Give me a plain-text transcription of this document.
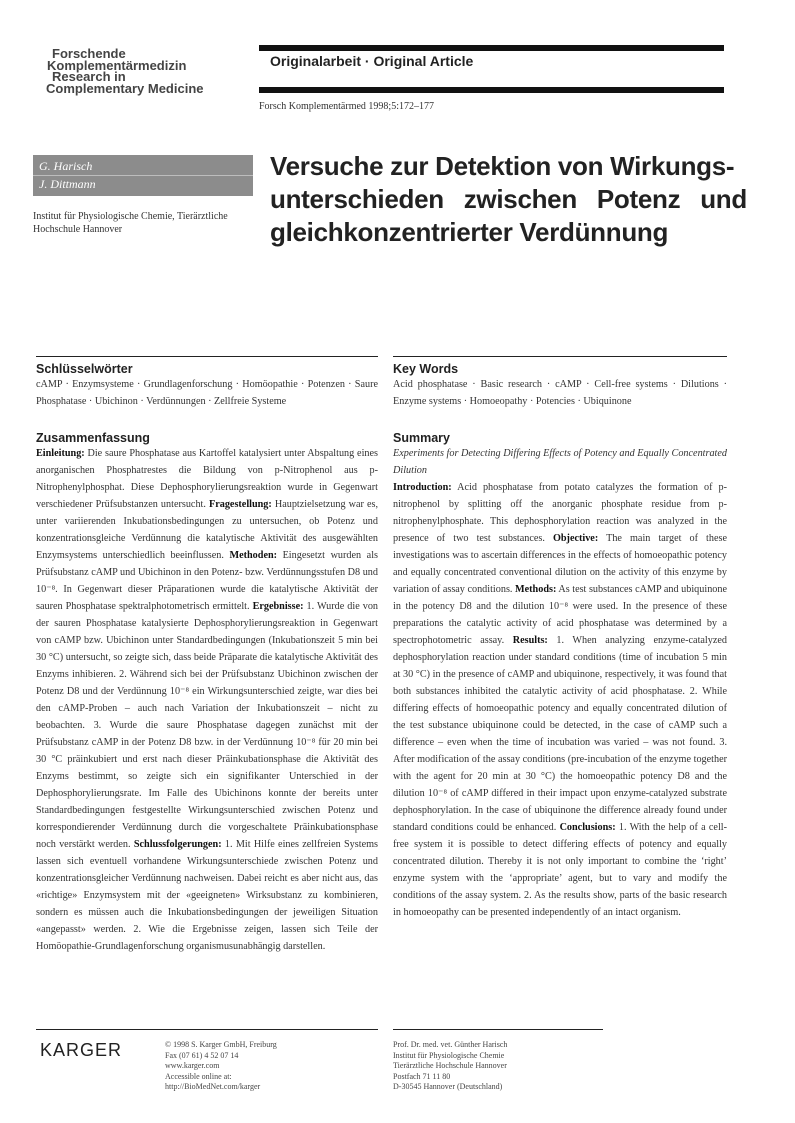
Forschende
Komplementärmedizin
Research in
Complementary Medicine
Originalarbeit · Original Article
Forsch Komplementärmed 1998;5:172–177
G. Harisch
J. Dittmann
Institut für Physiologische Chemie, Tierärztliche Hochschule Hannover
Versuche zur Detektion von Wirkungs-
unterschieden zwischen Potenz und
gleichkonzentrierter Verdünnung
Schlüsselwörter
cAMP · Enzymsysteme · Grundlagenforschung · Homöopathie · Potenzen · Saure Phosphatase · Ubichinon · Verdünnungen · Zellfreie Systeme
Zusammenfassung
Einleitung: Die saure Phosphatase aus Kartoffel katalysiert unter Abspaltung eines anorganischen Phosphatrestes die Bildung von p-Nitrophenol aus p-Nitrophenylphosphat. Diese Dephosphorylierungsreaktion wurde in Gegenwart verschiedener Prüfsubstanzen untersucht. Fragestellung: Hauptzielsetzung war es, unter variierenden Inkubationsbedingungen zu untersuchen, ob Potenz und konzentrationsgleiche Verdünnung die katalytische Aktivität des ausgewählten Enzymsystems unterschiedlich beeinflussen. Methoden: Eingesetzt wurden als Prüfsubstanz cAMP und Ubichinon in den Potenz- bzw. Verdünnungsstufen D8 und 10⁻⁸. In Gegenwart dieser Präparationen wurde die katalytische Aktivität der sauren Phosphatase spektralphotometrisch ermittelt. Ergebnisse: 1. Wurde die von der sauren Phosphatase katalysierte Dephosphorylierungsreaktion in Gegenwart von cAMP bzw. Ubichinon unter Standardbedingungen (Inkubationszeit 5 min bei 30 °C) untersucht, so zeigte sich, dass beide Präparate die katalytische Aktivität des Enzyms inhibieren. 2. Während sich bei der Prüfsubstanz Ubichinon zwischen der Potenz D8 und der Verdünnung 10⁻⁸ ein Wirkungsunterschied zeigte, war dies bei den cAMP-Proben – auch nach Variation der Inkubationszeit – nicht zu beobachten. 3. Wurde die saure Phosphatase dagegen zunächst mit der Prüfsubstanz cAMP in der Potenz D8 bzw. in der Verdünnung 10⁻⁸ für 20 min bei 30 °C präinkubiert und erst nach dieser Präinkubationsphase die Aktivität des Enzyms bestimmt, so zeigte sich ein signifikanter Unterschied in der Dephosphorylierungsrate. Im Falle des Ubichinons konnte der bereits unter Standardbedingungen festgestellte Wirkungsunterschied zwischen Potenz und korrespondierender Verdünnung durch die vorgeschaltete Präinkubationsphase noch verstärkt werden. Schlussfolgerungen: 1. Mit Hilfe eines zellfreien Systems lassen sich eventuell vorhandene Wirkungsunterschiede zwischen Potenz und konzentrationsgleicher Verdünnung nachweisen. Dabei reicht es aber nicht aus, das «richtige» Enzymsystem mit der «geeigneten» Wirksubstanz zu kombinieren, sondern es müssen auch die Inkubationsbedingungen der jeweiligen Situation «angepasst» werden. 2. Wie die Ergebnisse zeigen, lassen sich Teile der Homöopathie-Grundlagenforschung organismusunabhängig darstellen.
Key Words
Acid phosphatase · Basic research · cAMP · Cell-free systems · Dilutions · Enzyme systems · Homoeopathy · Potencies · Ubiquinone
Summary
Experiments for Detecting Differing Effects of Potency and Equally Concentrated Dilution
Introduction: Acid phosphatase from potato catalyzes the formation of p-nitrophenol by splitting off the anorganic phosphate residue from p-nitrophenylphosphate. This dephosphorylation reaction was analyzed in the presence of two test substances. Objective: The main target of these investigations was to ascertain differences in the effects of homoeopathic potency and equally concentrated conventional dilution on the activity of this enzyme by variation of assay conditions. Methods: As test substances cAMP and ubiquinone in the potency D8 and the dilution 10⁻⁸ were used. In the presence of these preparations the catalytic activity of acid phosphatase was determined by a spectrophotometric assay. Results: 1. When analyzing enzyme-catalyzed dephosphorylation reaction under standard conditions (time of incubation 5 min at 30 °C) in the presence of cAMP and ubiquinone, respectively, it was found that both substances inhibited the catalytic activity of acid phosphatase. 2. While differing effects of homoeopathic potency and equally concentrated dilution of the test substance ubiquinone could be detected, in the case of cAMP such a difference – even when the time of incubation was varied – was not found. 3. After modification of the assay conditions (pre-incubation of the enzyme together with the agent for 20 min at 30 °C) the homoeopathic potency D8 and the dilution 10⁻⁸ of cAMP differed in their impact upon enzyme-catalyzed substrate dephosphorylation. In the case of ubiquinone the difference already found under standard conditions could be enhanced. Conclusions: 1. With the help of a cell-free system it is possible to detect differing effects of potency and equally concentrated dilution. Thereby it is not only important to combine the ‘right’ enzyme system with the ‘appropriate’ agent, but to vary and modify the conditions of the assay system. 2. As the results show, parts of the basic research in homoeopathy can be presented independently of an intact organism.
KARGER	© 1998 S. Karger GmbH, Freiburg
Fax (07 61) 4 52 07 14
www.karger.com
Accessible online at:
http://BioMedNet.com/karger
Prof. Dr. med. vet. Günther Harisch
Institut für Physiologische Chemie
Tierärztliche Hochschule Hannover
Postfach 71 11 80
D-30545 Hannover (Deutschland)
